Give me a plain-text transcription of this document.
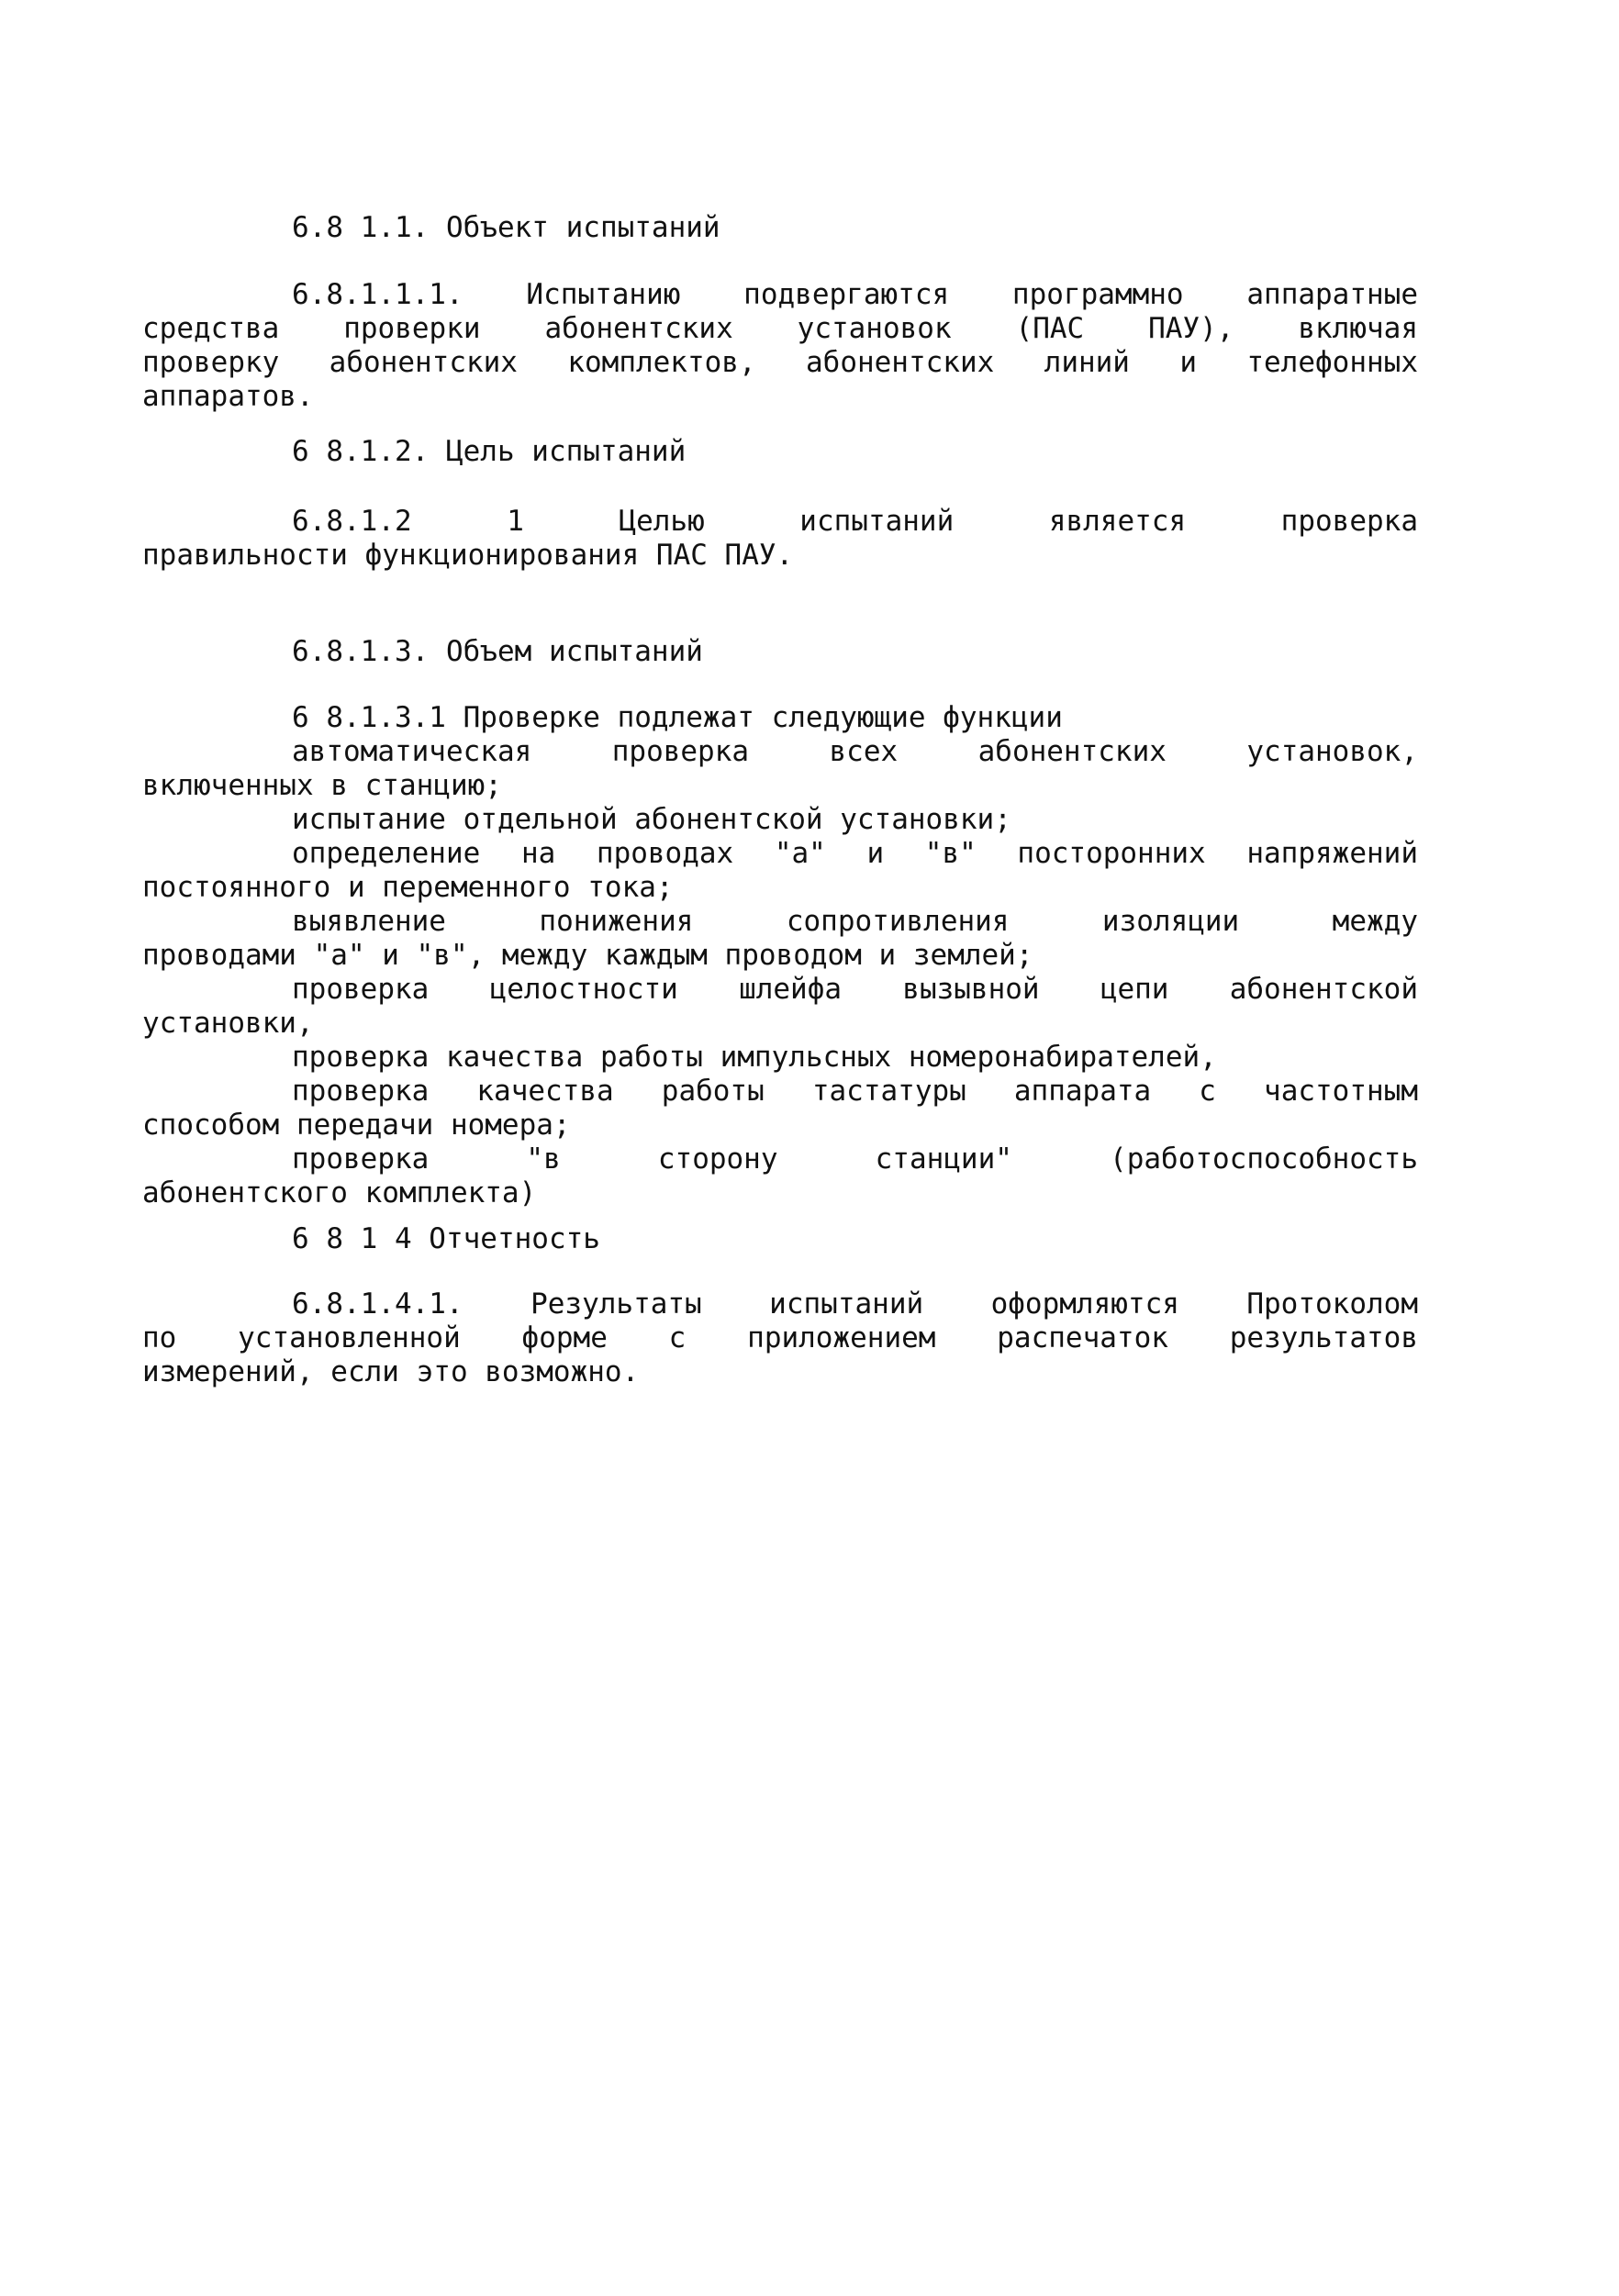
6.8 1.1. Объект испытаний
6.8.1.1.1. Испытанию подвергаются программно аппаратные
средства проверки абонентских установок (ПАС ПАУ), включая
проверку абонентских комплектов, абонентских линий и телефонных
аппаратов.
6 8.1.2. Цель испытаний
6.8.1.2 1 Целью испытаний является проверка
правильности функционирования ПАС ПАУ.
6.8.1.3. Объем испытаний
6 8.1.3.1 Проверке подлежат следующие функции
автоматическая проверка всех абонентских установок,
включенных в станцию;
испытание отдельной абонентской установки;
определение на проводах "а" и "в" посторонних напряжений
постоянного и переменного тока;
выявление понижения сопротивления изоляции между
проводами "а" и "в", между каждым проводом и землей;
проверка целостности шлейфа вызывной цепи абонентской
установки,
проверка качества работы импульсных номеронабирателей,
проверка качества работы тастатуры аппарата с частотным
способом передачи номера;
проверка "в сторону станции" (работоспособность
абонентского комплекта)
6 8 1 4 Отчетность
6.8.1.4.1. Результаты испытаний оформляются Протоколом
по установленной форме с приложением распечаток результатов
измерений, если это возможно.
